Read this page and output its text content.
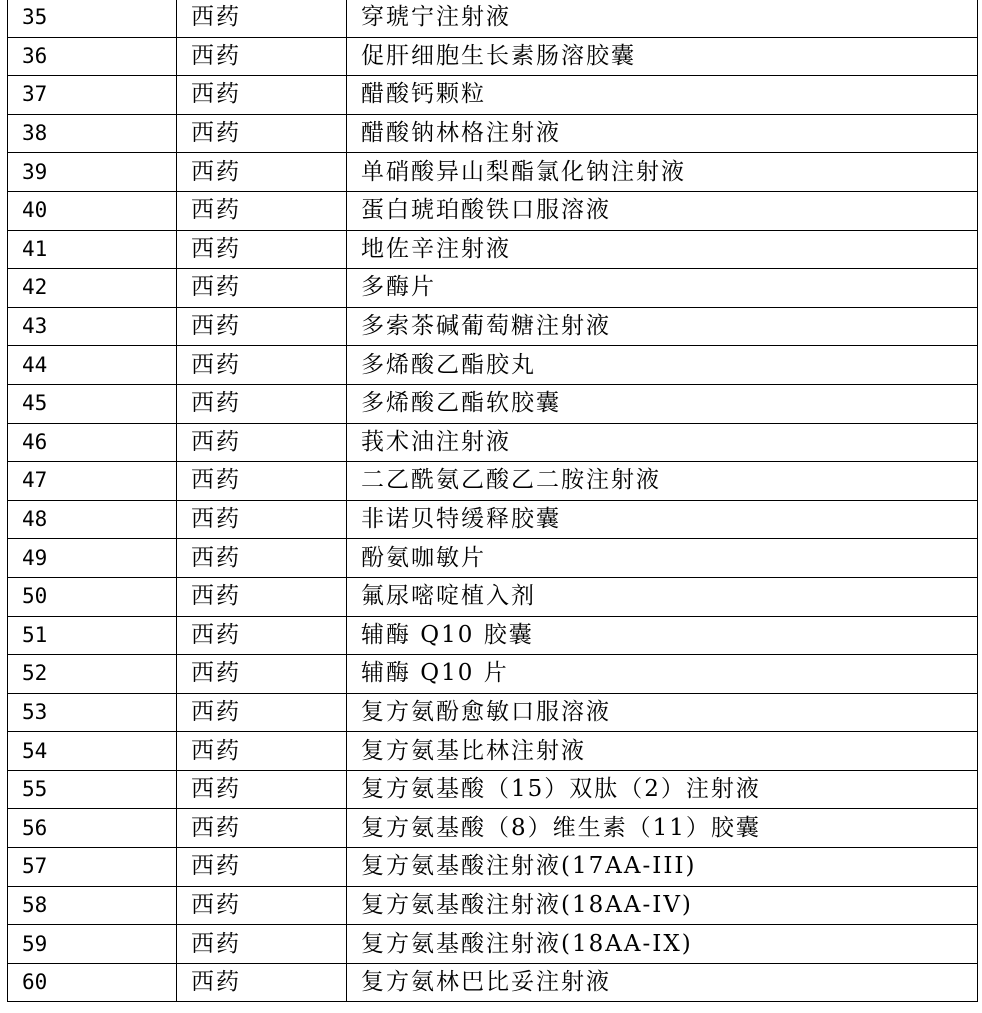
35	西药	穿琥宁注射液
36	西药	促肝细胞生长素肠溶胶囊
37	西药	醋酸钙颗粒
38	西药	醋酸钠林格注射液
39	西药	单硝酸异山梨酯氯化钠注射液
40	西药	蛋白琥珀酸铁口服溶液
41	西药	地佐辛注射液
42	西药	多酶片
43	西药	多索茶碱葡萄糖注射液
44	西药	多烯酸乙酯胶丸
45	西药	多烯酸乙酯软胶囊
46	西药	莪术油注射液
47	西药	二乙酰氨乙酸乙二胺注射液
48	西药	非诺贝特缓释胶囊
49	西药	酚氨咖敏片
50	西药	氟尿嘧啶植入剂
51	西药	辅酶 Q10 胶囊
52	西药	辅酶 Q10 片
53	西药	复方氨酚愈敏口服溶液
54	西药	复方氨基比林注射液
55	西药	复方氨基酸（15）双肽（2）注射液
56	西药	复方氨基酸（8）维生素（11）胶囊
57	西药	复方氨基酸注射液(17AA-III)
58	西药	复方氨基酸注射液(18AA-IV)
59	西药	复方氨基酸注射液(18AA-IX)
60	西药	复方氨林巴比妥注射液
